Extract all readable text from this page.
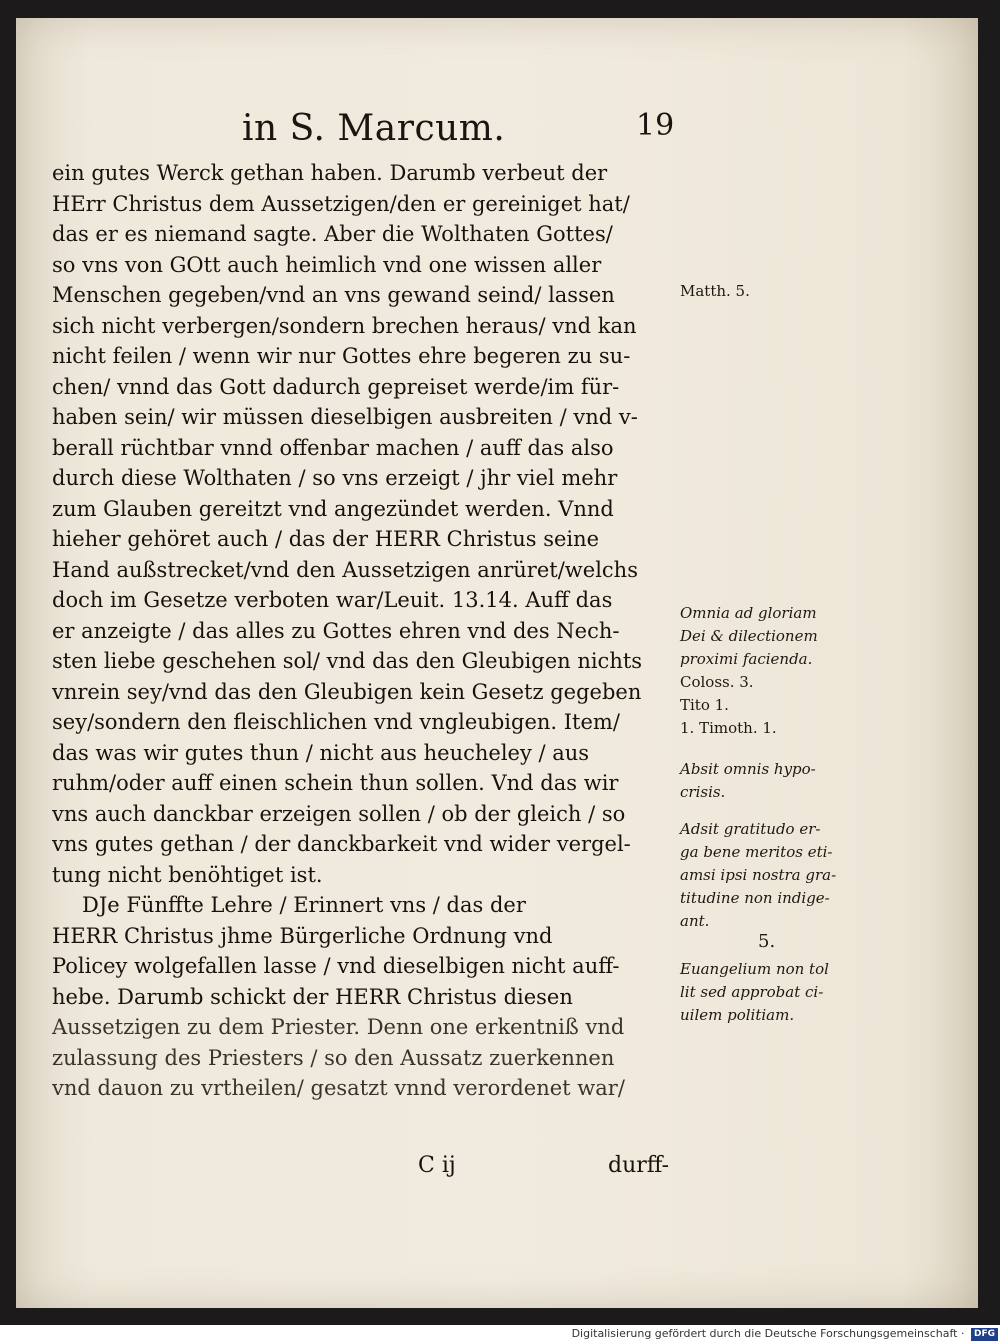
in S. Marcum.	19
ein gutes Werck gethan haben. Darumb verbeut der
HErr Christus dem Aussetzigen/den er gereiniget hat/
das er es niemand sagte. Aber die Wolthaten Gottes/
so vns von GOtt auch heimlich vnd one wissen aller
Menschen gegeben/vnd an vns gewand seind/ lassen
sich nicht verbergen/sondern brechen heraus/ vnd kan
nicht feilen / wenn wir nur Gottes ehre begeren zu su-
chen/ vnnd das Gott dadurch gepreiset werde/im für-
haben sein/ wir müssen dieselbigen ausbreiten / vnd v-
berall rüchtbar vnnd offenbar machen / auff das also
durch diese Wolthaten / so vns erzeigt / jhr viel mehr
zum Glauben gereitzt vnd angezündet werden. Vnnd
hieher gehöret auch / das der HERR Christus seine
Hand außstrecket/vnd den Aussetzigen anrüret/welchs
doch im Gesetze verboten war/Leuit. 13.14. Auff das
er anzeigte / das alles zu Gottes ehren vnd des Nech-
sten liebe geschehen sol/ vnd das den Gleubigen nichts
vnrein sey/vnd das den Gleubigen kein Gesetz gegeben
sey/sondern den fleischlichen vnd vngleubigen. Item/
das was wir gutes thun / nicht aus heucheley / aus
ruhm/oder auff einen schein thun sollen. Vnd das wir
vns auch danckbar erzeigen sollen / ob der gleich / so
vns gutes gethan / der danckbarkeit vnd wider vergel-
tung nicht benöhtiget ist.
DJe Fünffte Lehre / Erinnert vns / das der
HERR Christus jhme Bürgerliche Ordnung vnd
Policey wolgefallen lasse / vnd dieselbigen nicht auff-
hebe. Darumb schickt der HERR Christus diesen
Aussetzigen zu dem Priester. Denn one erkentniß vnd
zulassung des Priesters / so den Aussatz zuerkennen
vnd dauon zu vrtheilen/ gesatzt vnnd verordenet war/
Matth. 5.
Omnia ad gloriam
Dei & dilectionem
proximi facienda.
Coloss. 3.
Tito 1.
1. Timoth. 1.
Absit omnis hypo-
crisis.
Adsit gratitudo er-
ga bene meritos eti-
amsi ipsi nostra gra-
titudine non indige-
ant.
5.
Euangelium non tol
lit sed approbat ci-
uilem politiam.
C ij	durff-
Digitalisierung gefördert durch die Deutsche Forschungsgemeinschaft · DFG
